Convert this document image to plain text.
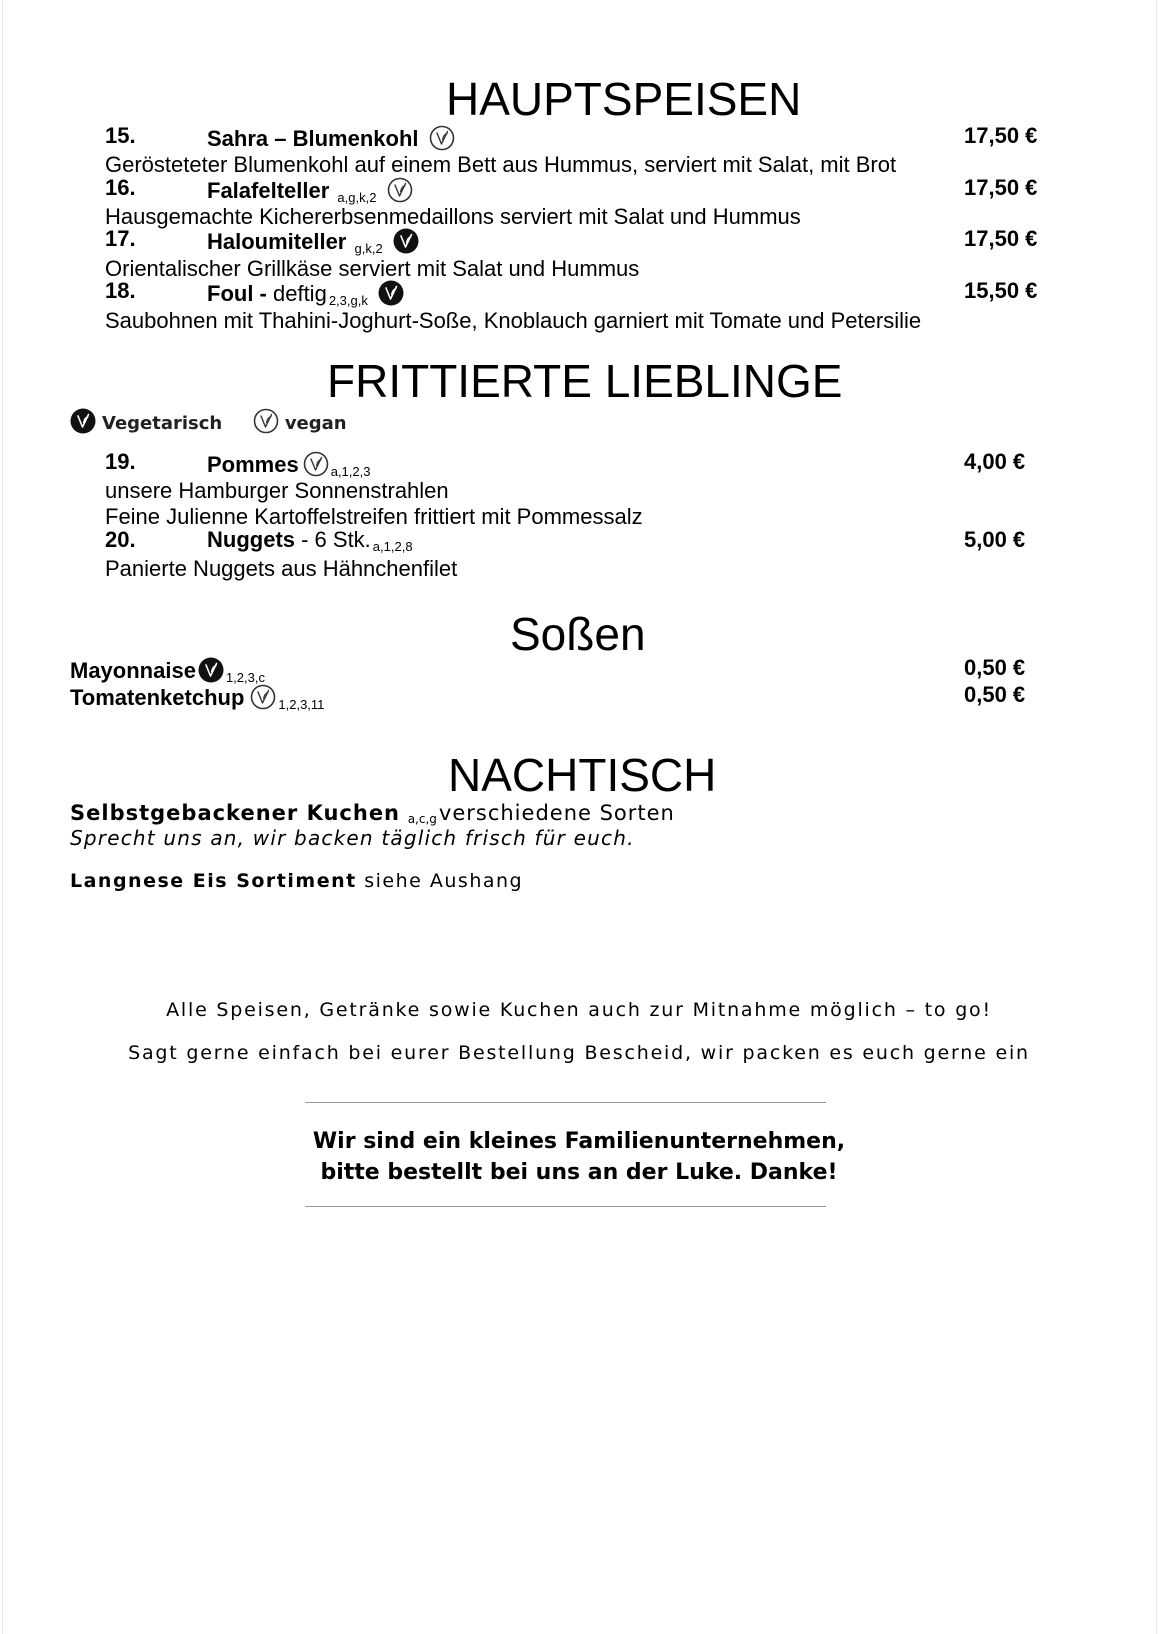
HAUPTSPEISEN
15.	Sahra – Blumenkohl	17,50 €
Gerösteteter Blumenkohl auf einem Bett aus Hummus, serviert mit Salat, mit Brot
16.	Falafelteller $_{a,g,k,2}$	17,50 €
Hausgemachte Kichererbsenmedaillons serviert mit Salat und Hummus
17.	Haloumiteller $_{g,k,2}$	17,50 €
Orientalischer Grillkäse serviert mit Salat und Hummus
18.	Foul - deftig $_{2,3,g,k}$	15,50 €
Saubohnen mit Thahini-Joghurt-Soße, Knoblauch garniert mit Tomate und Petersilie
FRITTIERTE LIEBLINGE
Vegetarisch	vegan
19.	Pommes $_{a,1,2,3}$	4,00 €
unsere Hamburger Sonnenstrahlen
Feine Julienne Kartoffelstreifen frittiert mit Pommessalz
20.	Nuggets - 6 Stk. $_{a,1,2,8}$	5,00 €
Panierte Nuggets aus Hähnchenfilet
Soßen
Mayonnaise $_{1,2,3,c}$	0,50 €
Tomatenketchup	$_{1,2,3,11}$	0,50 €
NACHTISCH
Selbstgebackener Kuchen a,c,gverschiedene Sorten
Sprecht uns an, wir backen täglich frisch für euch.
Langnese Eis Sortiment siehe Aushang
Alle Speisen, Getränke sowie Kuchen auch zur Mitnahme möglich – to go!
Sagt gerne einfach bei eurer Bestellung Bescheid, wir packen es euch gerne ein
Wir sind ein kleines Familienunternehmen,
bitte bestellt bei uns an der Luke. Danke!
